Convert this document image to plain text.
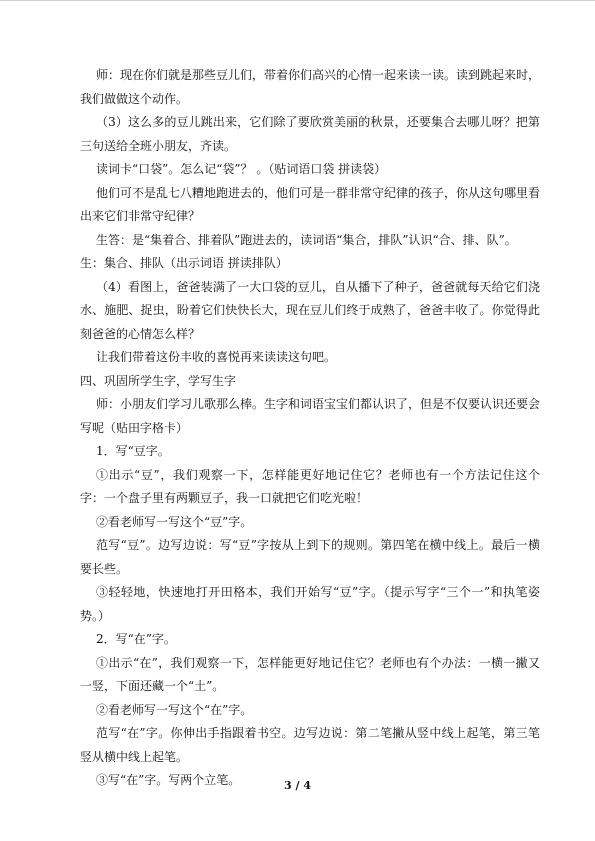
师：现在你们就是那些豆儿们，带着你们高兴的心情一起来读一读。读到跳起来时，我们做做这个动作。

（3）这么多的豆儿跳出来，它们除了要欣赏美丽的秋景，还要集合去哪儿呀？把第三句送给全班小朋友，齐读。

读词卡“口袋”。怎么记“袋”？ 。（贴词语口袋 拼读袋）

他们可不是乱七八糟地跑进去的，他们可是一群非常守纪律的孩子，你从这句哪里看出来它们非常守纪律？

生答：是“集着合、排着队”跑进去的，读词语“集合，排队”认识“合、排、队”。

生：集合、排队（出示词语 拼读排队）

（4）看图上，爸爸装满了一大口袋的豆儿，自从播下了种子，爸爸就每天给它们浇水、施肥、捉虫，盼着它们快快长大，现在豆儿们终于成熟了，爸爸丰收了。你觉得此刻爸爸的心情怎么样？

让我们带着这份丰收的喜悦再来读读这句吧。

四、巩固所学生字，学写生字

师：小朋友们学习儿歌那么棒。生字和词语宝宝们都认识了，但是不仅要认识还要会写呢（贴田字格卡）

1．写“豆字。

①出示“豆”，我们观察一下，怎样能更好地记住它？老师也有一个方法记住这个字：一个盘子里有两颗豆子，我一口就把它们吃光啦！

②看老师写一写这个“豆”字。

范写“豆”。边写边说：写“豆”字按从上到下的规则。第四笔在横中线上。最后一横要长些。

③轻轻地，快速地打开田格本，我们开始写“豆”字。（提示写字“三个一”和执笔姿势。）

2．写“在”字。

①出示“在”，我们观察一下，怎样能更好地记住它？老师也有个办法：一横一撇又一竖，下面还藏一个“土”。

②看老师写一写这个“在”字。

范写“在”字。你伸出手指跟着书空。边写边说：第二笔撇从竖中线上起笔，第三笔竖从横中线上起笔。

③写“在”字。写两个立笔。	3 / 4
